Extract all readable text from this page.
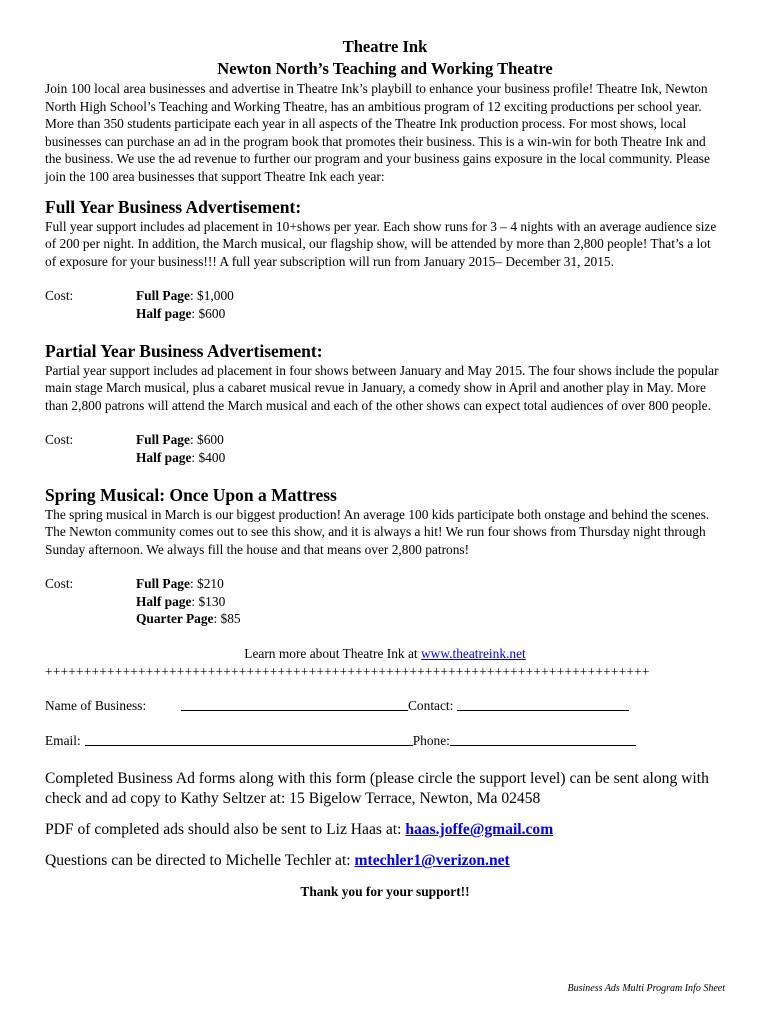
Theatre Ink
Newton North’s Teaching and Working Theatre

Join 100 local area businesses and advertise in Theatre Ink’s playbill to enhance your business profile! Theatre Ink, Newton North High School’s Teaching and Working Theatre, has an ambitious program of 12 exciting productions per school year. More than 350 students participate each year in all aspects of the Theatre Ink production process. For most shows, local businesses can purchase an ad in the program book that promotes their business. This is a win-win for both Theatre Ink and the business. We use the ad revenue to further our program and your business gains exposure in the local community. Please join the 100 area businesses that support Theatre Ink each year:

Full Year Business Advertisement:

Full year support includes ad placement in 10+shows per year. Each show runs for 3 – 4 nights with an average audience size of 200 per night. In addition, the March musical, our flagship show, will be attended by more than 2,800 people! That’s a lot of exposure for your business!!! A full year subscription will run from January 2015– December 31, 2015.

Cost:	Full Page: $1,000
Half page: $600

Partial Year Business Advertisement:

Partial year support includes ad placement in four shows between January and May 2015. The four shows include the popular main stage March musical, plus a cabaret musical revue in January, a comedy show in April and another play in May. More than 2,800 patrons will attend the March musical and each of the other shows can expect total audiences of over 800 people.

Cost:	Full Page: $600
Half page: $400

Spring Musical: Once Upon a Mattress

The spring musical in March is our biggest production! An average 100 kids participate both onstage and behind the scenes. The Newton community comes out to see this show, and it is always a hit! We run four shows from Thursday night through Sunday afternoon. We always fill the house and that means over 2,800 patrons!

Cost:	Full Page: $210
Half page: $130
Quarter Page: $85
Learn more about Theatre Ink at www.theatreink.net
++++++++++++++++++++++++++++++++++++++++++++++++++++++++++++++++++++++++++++++
Name of Business:	Contact:
Email:	Phone:

Completed Business Ad forms along with this form (please circle the support level) can be sent along with check and ad copy to Kathy Seltzer at: 15 Bigelow Terrace, Newton, Ma 02458

PDF of completed ads should also be sent to Liz Haas at: haas.joffe@gmail.com

Questions can be directed to Michelle Techler at: mtechler1@verizon.net

Thank you for your support!!
Business Ads Multi Program Info Sheet
